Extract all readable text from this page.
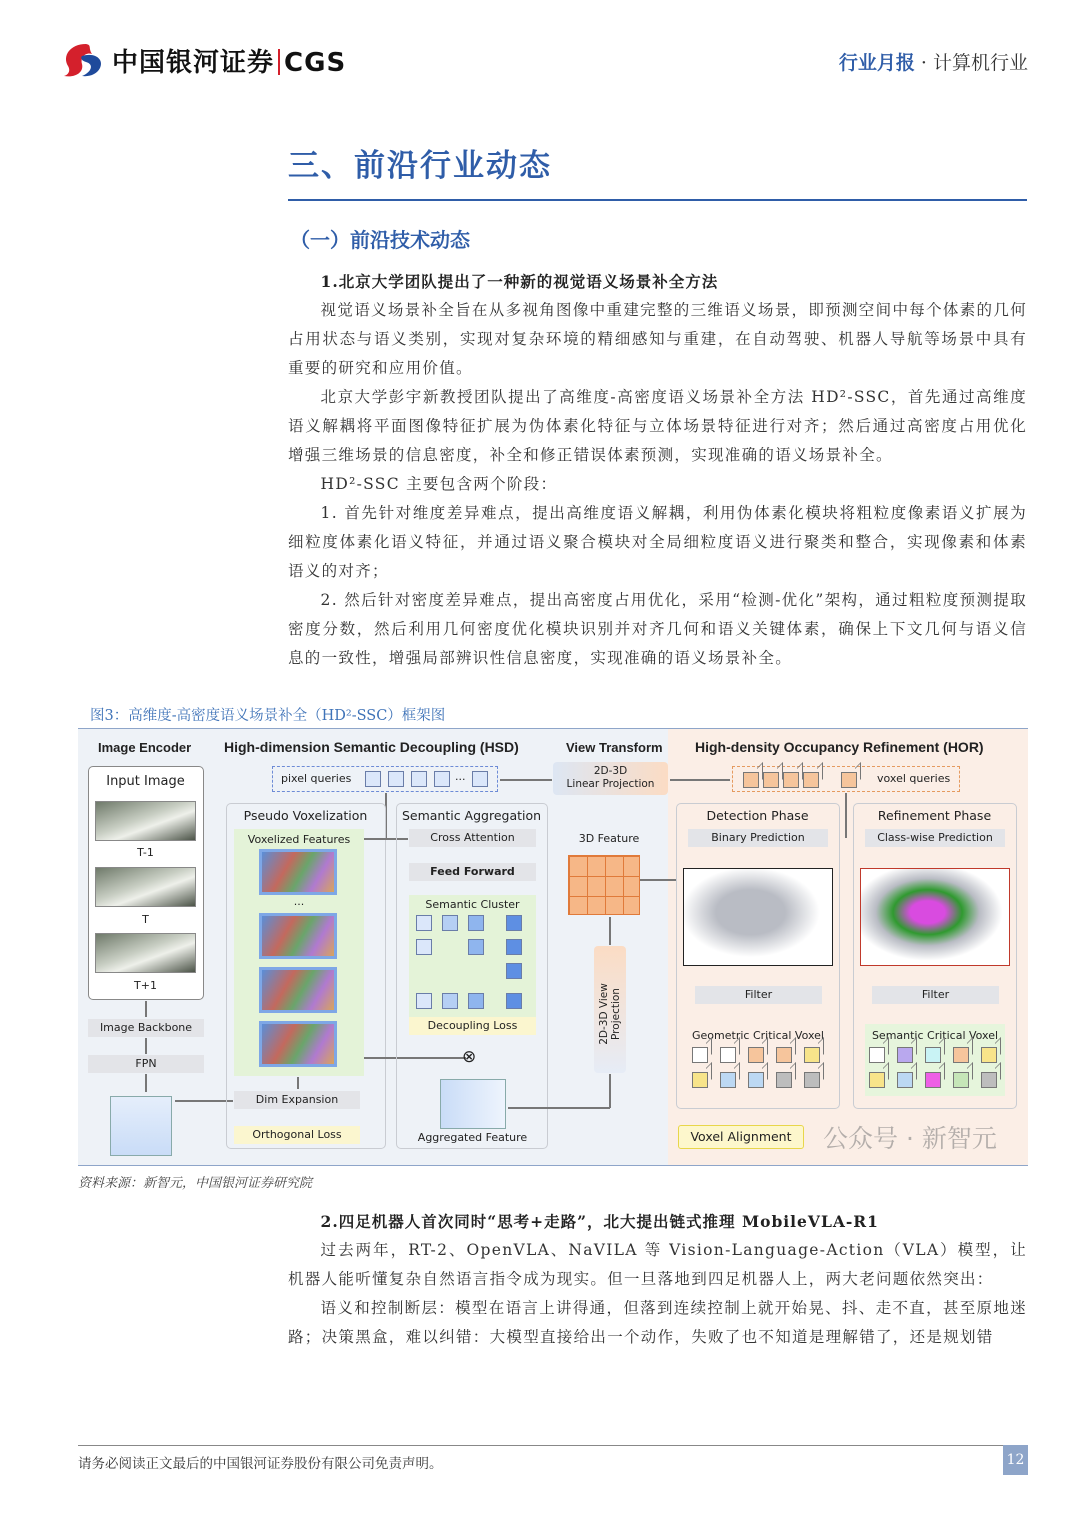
中国银河证券 CGS	行业月报 · 计算机行业
三、前沿行业动态
（一）前沿技术动态
1.北京大学团队提出了一种新的视觉语义场景补全方法

视觉语义场景补全旨在从多视角图像中重建完整的三维语义场景，即预测空间中每个体素的几何占用状态与语义类别，实现对复杂环境的精细感知与重建，在自动驾驶、机器人导航等场景中具有重要的研究和应用价值。

北京大学彭宇新教授团队提出了高维度-高密度语义场景补全方法 HD²-SSC，首先通过高维度语义解耦将平面图像特征扩展为伪体素化特征与立体场景特征进行对齐；然后通过高密度占用优化增强三维场景的信息密度，补全和修正错误体素预测，实现准确的语义场景补全。

HD²-SSC 主要包含两个阶段：

1. 首先针对维度差异难点，提出高维度语义解耦，利用伪体素化模块将粗粒度像素语义扩展为细粒度体素化语义特征，并通过语义聚合模块对全局细粒度语义进行聚类和整合，实现像素和体素语义的对齐；

2. 然后针对密度差异难点，提出高密度占用优化，采用“检测-优化”架构，通过粗粒度预测提取密度分数，然后利用几何密度优化模块识别并对齐几何和语义关键体素，确保上下文几何与语义信息的一致性，增强局部辨识性信息密度，实现准确的语义场景补全。

图3：高维度-高密度语义场景补全（HD²-SSC）框架图
Image Encoder High-dimension Semantic Decoupling (HSD)	View Transform High-density Occupancy Refinement (HOR)
Input Image
T-1
T
T+1
Image Backbone
FPN
pixel queries	...
Pseudo Voxelization
Voxelized Features
...
Dim Expansion
Orthogonal Loss
Semantic Aggregation
Cross Attention
Feed Forward
Semantic Cluster
Decoupling Loss
⊗
Aggregated Feature
2D-3D
Linear Projection
3D Feature
2D-3D View Projection
voxel queries
Detection Phase
Binary Prediction
Filter
Geometric Critical Voxel
Refinement Phase
Class-wise Prediction
Filter
Semantic Critical Voxel
Voxel Alignment	公众号 · 新智元
资料来源：新智元，中国银河证券研究院
2.四足机器人首次同时“思考+走路”，北大提出链式推理 MobileVLA-R1

过去两年，RT-2、OpenVLA、NaVILA 等 Vision-Language-Action（VLA）模型，让机器人能听懂复杂自然语言指令成为现实。但一旦落地到四足机器人上，两大老问题依然突出：

语义和控制断层：模型在语言上讲得通，但落到连续控制上就开始晃、抖、走不直，甚至原地迷路；决策黑盒，难以纠错：大模型直接给出一个动作，失败了也不知道是理解错了，还是规划错

请务必阅读正文最后的中国银河证券股份有限公司免责声明。	12
